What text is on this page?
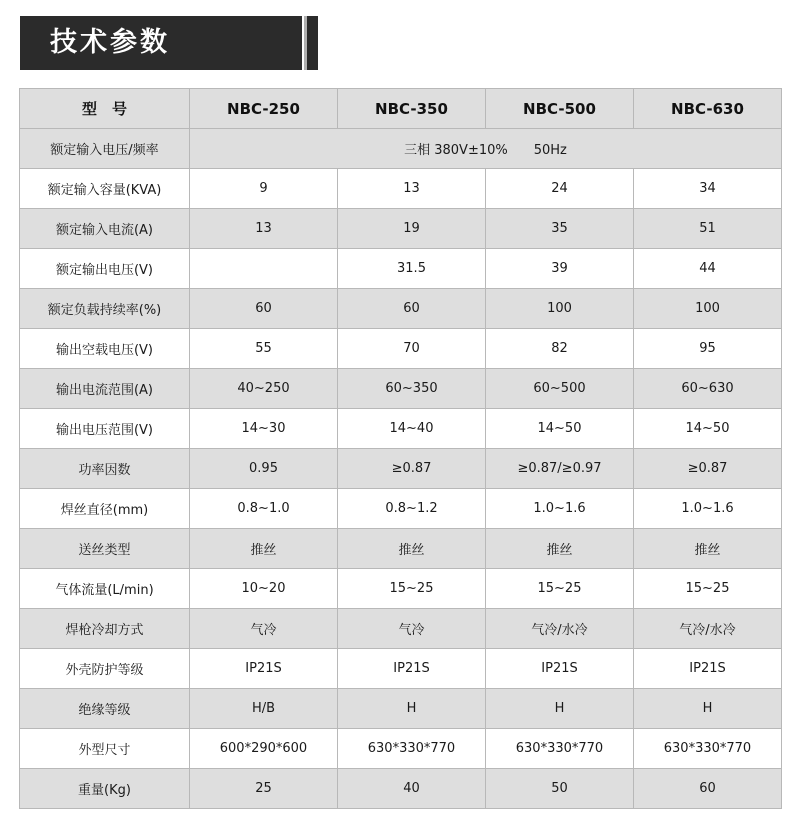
技术参数
型　号	NBC-250	NBC-350	NBC-500	NBC-630
额定输入电压/频率	三相 380V±10%　　50Hz			
额定输入容量(KVA)	9	13	24	34
额定输入电流(A)	13	19	35	51
额定输出电压(V)		31.5	39	44
额定负载持续率(%)	60	60	100	100
输出空载电压(V)	55	70	82	95
输出电流范围(A)	40~250	60~350	60~500	60~630
输出电压范围(V)	14~30	14~40	14~50	14~50
功率因数	0.95	≥0.87	≥0.87/≥0.97	≥0.87
焊丝直径(mm)	0.8~1.0	0.8~1.2	1.0~1.6	1.0~1.6
送丝类型	推丝	推丝	推丝	推丝
气体流量(L/min)	10~20	15~25	15~25	15~25
焊枪冷却方式	气冷	气冷	气冷/水冷	气冷/水冷
外壳防护等级	IP21S	IP21S	IP21S	IP21S
绝缘等级	H/B	H	H	H
外型尺寸	600*290*600	630*330*770	630*330*770	630*330*770
重量(Kg)	25	40	50	60
